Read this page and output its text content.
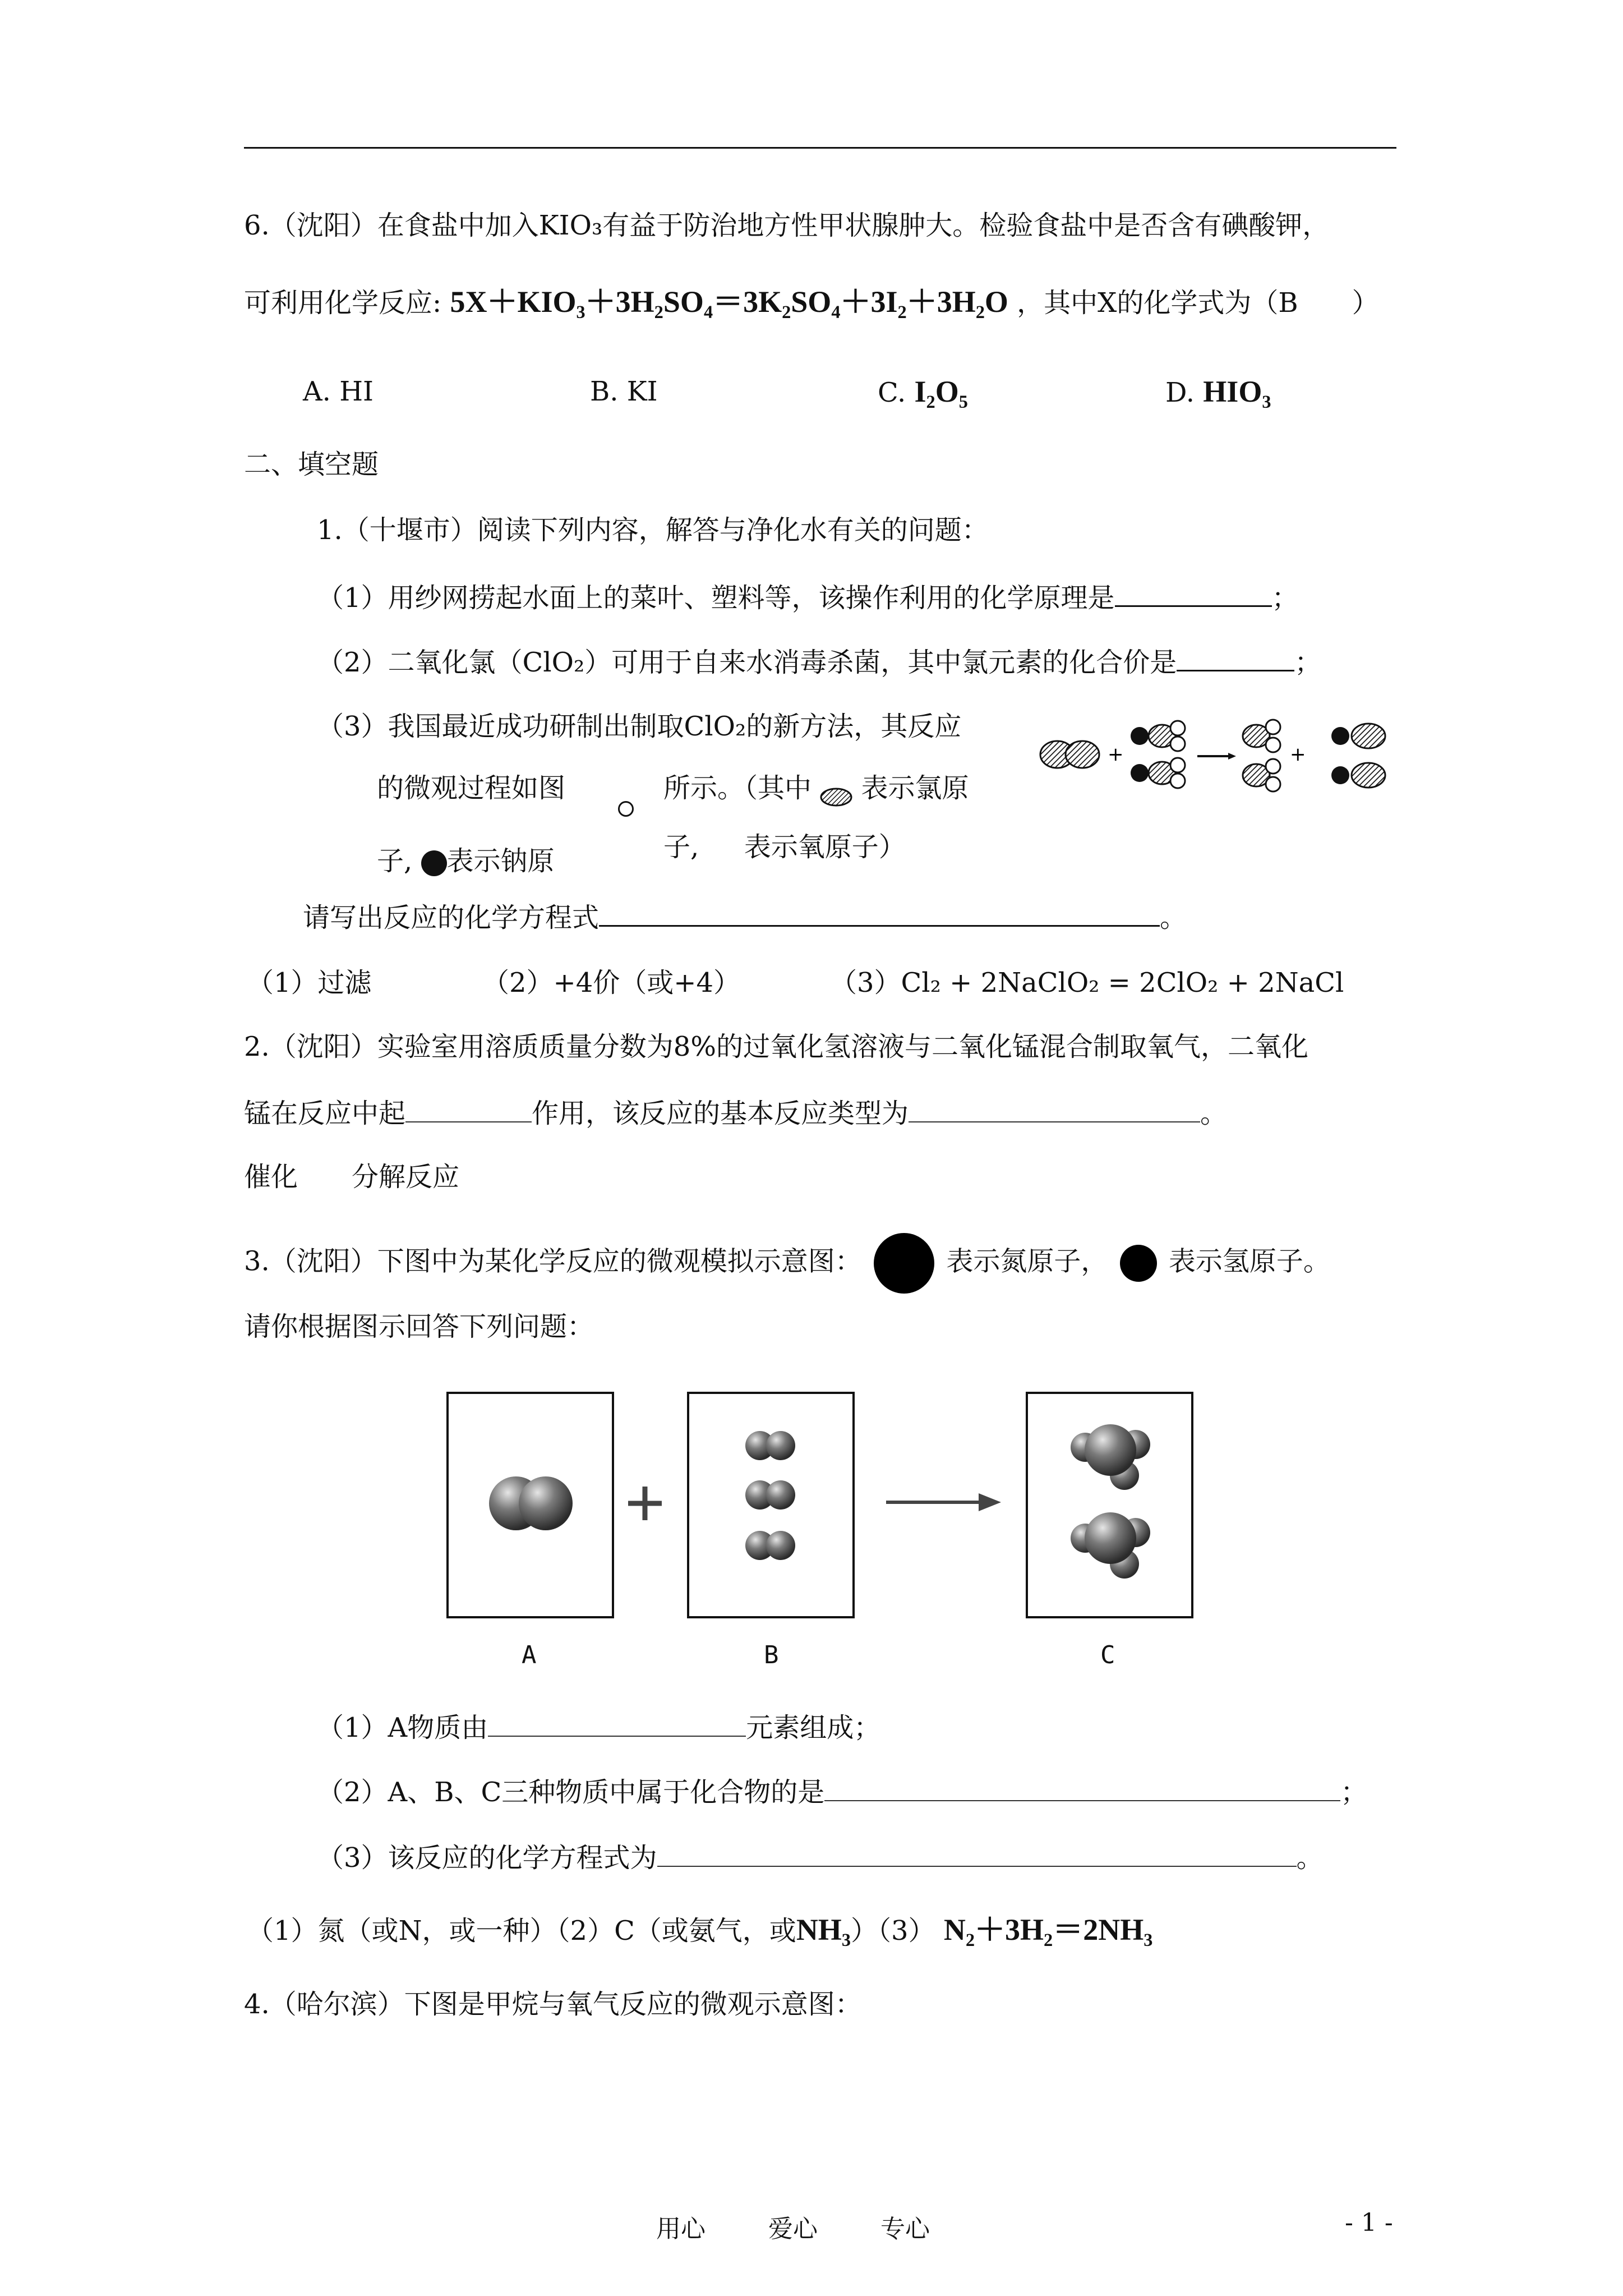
6.（沈阳）在食盐中加入KIO₃有益于防治地方性甲状腺肿大。检验食盐中是否含有碘酸钾，
可利用化学反应: 5X＋KIO₃＋3H₂SO₄＝3K₂SO₄＋3I₂＋3H₂O ，其中X的化学式为（B　　）
A. HI	B. KI	C. I₂O₅	D. HIO₃
二、填空题
1.（十堰市）阅读下列内容，解答与净化水有关的问题：
（1）用纱网捞起水面上的菜叶、塑料等，该操作利用的化学原理是	；
（2）二氧化氯（ClO₂）可用于自来水消毒杀菌，其中氯元素的化合价是	；
（3）我国最近成功研制出制取ClO₂的新方法，其反应
的微观过程如图	所示。（其中 表示氯原
子, 表示钠原	子, 表示氧原子）
+	+
请写出反应的化学方程式	。
（1）过滤	（2）+4价（或+4）	（3）Cl₂ + 2NaClO₂ = 2ClO₂ + 2NaCl
2.（沈阳）实验室用溶质质量分数为8%的过氧化氢溶液与二氧化锰混合制取氧气，二氧化
锰在反应中起	作用，该反应的基本反应类型为	。
催化　　分解反应
3.（沈阳）下图中为某化学反应的微观模拟示意图：	表示氮原子， 表示氢原子。
请你根据图示回答下列问题：
A	B	C
（1）A物质由	元素组成；
（2）A、B、C三种物质中属于化合物的是	；
（3）该反应的化学方程式为	。
（1）氮（或N，或一种）（2）C（或氨气，或NH₃）（3） N₂＋3H₂＝2NH₃
4.（哈尔滨）下图是甲烷与氧气反应的微观示意图：
用心	爱心	专心	- 1 -
